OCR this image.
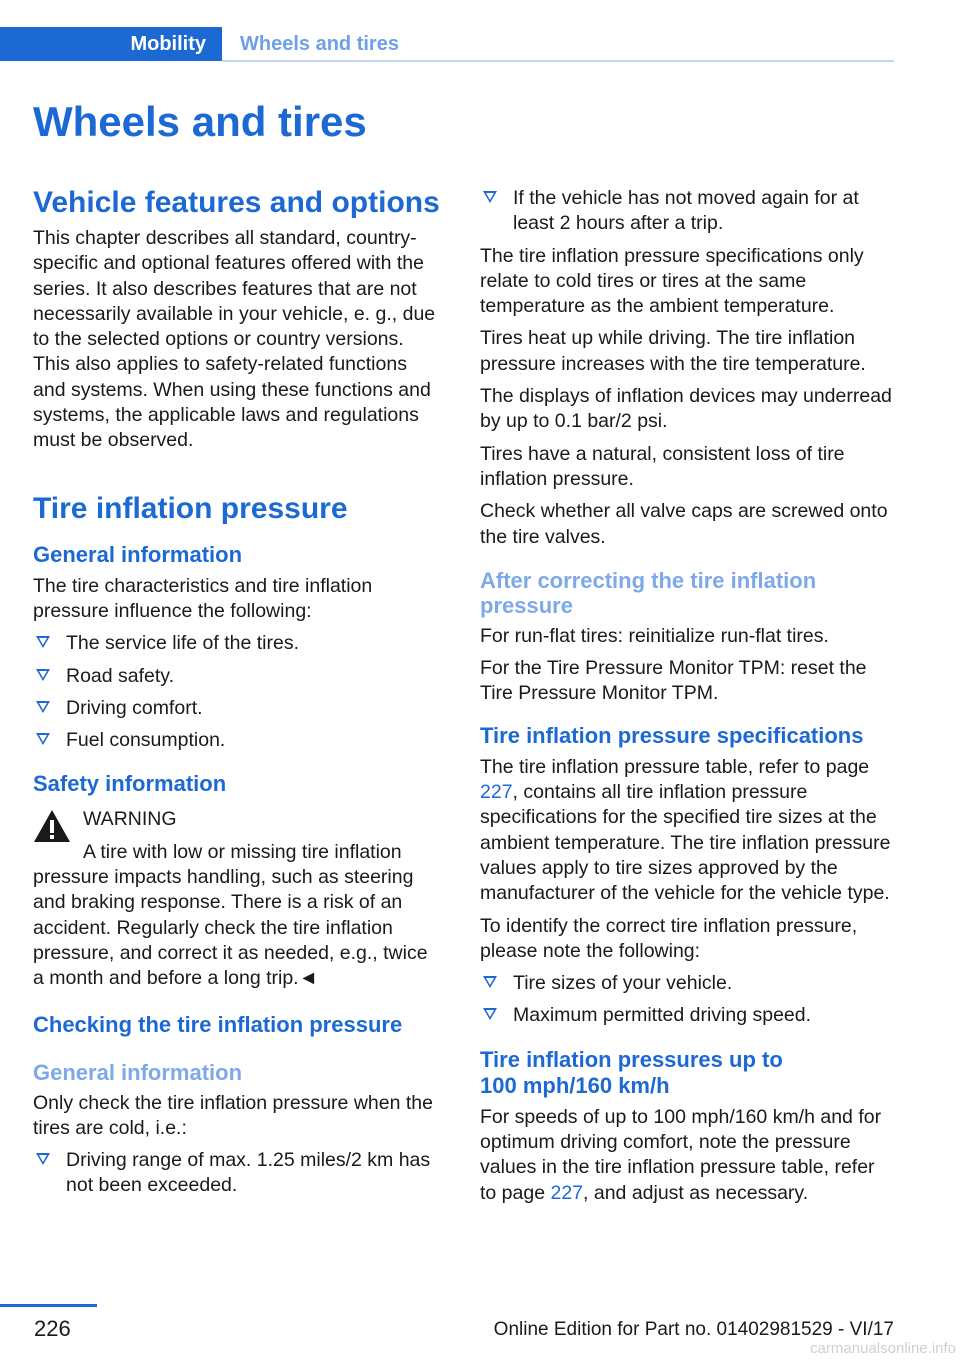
Mobility	Wheels and tires
Wheels and tires
Vehicle features and options

This chapter describes all standard, country-specific and optional features offered with the series. It also describes features that are not necessarily available in your vehicle, e. g., due to the selected options or country versions. This also applies to safety-related functions and systems. When using these functions and systems, the applicable laws and regulations must be observed.

Tire inflation pressure
General information

The tire characteristics and tire inflation pressure influence the following:

The service life of the tires.
Road safety.
Driving comfort.
Fuel consumption.
Safety information
WARNING

A tire with low or missing tire inflation

pressure impacts handling, such as steering and braking response. There is a risk of an accident. Regularly check the tire inflation pressure, and correct it as needed, e.g., twice a month and before a long trip.◄

Checking the tire inflation pressure
General information

Only check the tire inflation pressure when the tires are cold, i.e.:

Driving range of max. 1.25 miles/2 km has not been exceeded.
If the vehicle has not moved again for at least 2 hours after a trip.

The tire inflation pressure specifications only relate to cold tires or tires at the same temperature as the ambient temperature.

Tires heat up while driving. The tire inflation pressure increases with the tire temperature.

The displays of inflation devices may underread by up to 0.1 bar/2 psi.

Tires have a natural, consistent loss of tire inflation pressure.

Check whether all valve caps are screwed onto the tire valves.

After correcting the tire inflation pressure

For run-flat tires: reinitialize run-flat tires.

For the Tire Pressure Monitor TPM: reset the Tire Pressure Monitor TPM.

Tire inflation pressure specifications

The tire inflation pressure table, refer to page 227, contains all tire inflation pressure specifications for the specified tire sizes at the ambient temperature. The tire inflation pressure values apply to tire sizes approved by the manufacturer of the vehicle for the vehicle type.

To identify the correct tire inflation pressure, please note the following:

Tire sizes of your vehicle.
Maximum permitted driving speed.
Tire inflation pressures up to 100 mph/160 km/h

For speeds of up to 100 mph/160 km/h and for optimum driving comfort, note the pressure values in the tire inflation pressure table, refer to page 227, and adjust as necessary.

226	Online Edition for Part no. 01402981529 - VI/17
carmanualsonline.info
